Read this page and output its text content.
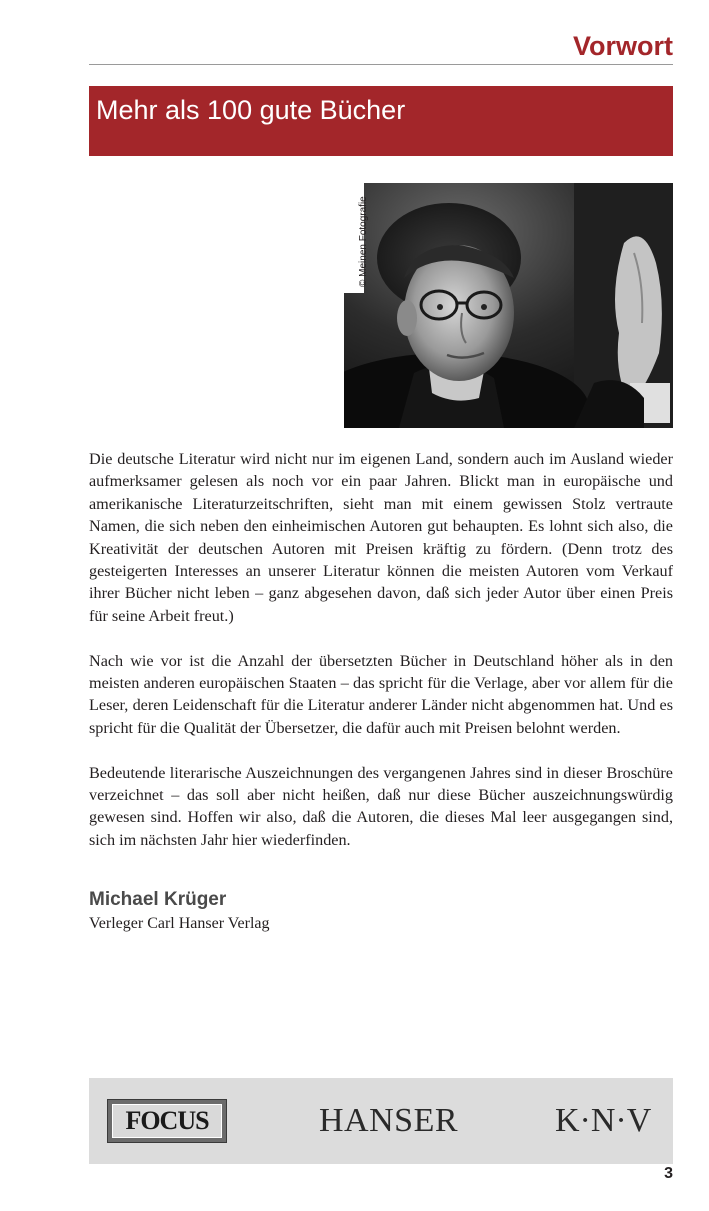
Vorwort
Mehr als 100 gute Bücher
© Meinen Fotografie

Die deutsche Literatur wird nicht nur im eigenen Land, sondern auch im Ausland wieder aufmerksamer gelesen als noch vor ein paar Jahren. Blickt man in europäische und amerikanische Literaturzeitschriften, sieht man mit einem gewissen Stolz vertraute Namen, die sich neben den einheimischen Autoren gut behaupten. Es lohnt sich also, die Kreativität der deutschen Autoren mit Preisen kräftig zu fördern. (Denn trotz des gesteigerten Interesses an unserer Literatur können die meisten Autoren vom Verkauf ihrer Bücher nicht leben – ganz abgesehen davon, daß sich jeder Autor über einen Preis für seine Arbeit freut.)

Nach wie vor ist die Anzahl der übersetzten Bücher in Deutschland höher als in den meisten anderen europäischen Staaten – das spricht für die Verlage, aber vor allem für die Leser, deren Leidenschaft für die Literatur anderer Länder nicht abgenommen hat. Und es spricht für die Qualität der Übersetzer, die dafür auch mit Preisen belohnt werden.

Bedeutende literarische Auszeichnungen des vergangenen Jahres sind in dieser Broschüre verzeichnet – das soll aber nicht heißen, daß nur diese Bücher auszeichnungswürdig gewesen sind. Hoffen wir also, daß die Autoren, die dieses Mal leer ausgegangen sind, sich im nächsten Jahr hier wiederfinden.

Michael Krüger
Verleger Carl Hanser Verlag
FOCUS	HANSER	K·N·V
3
